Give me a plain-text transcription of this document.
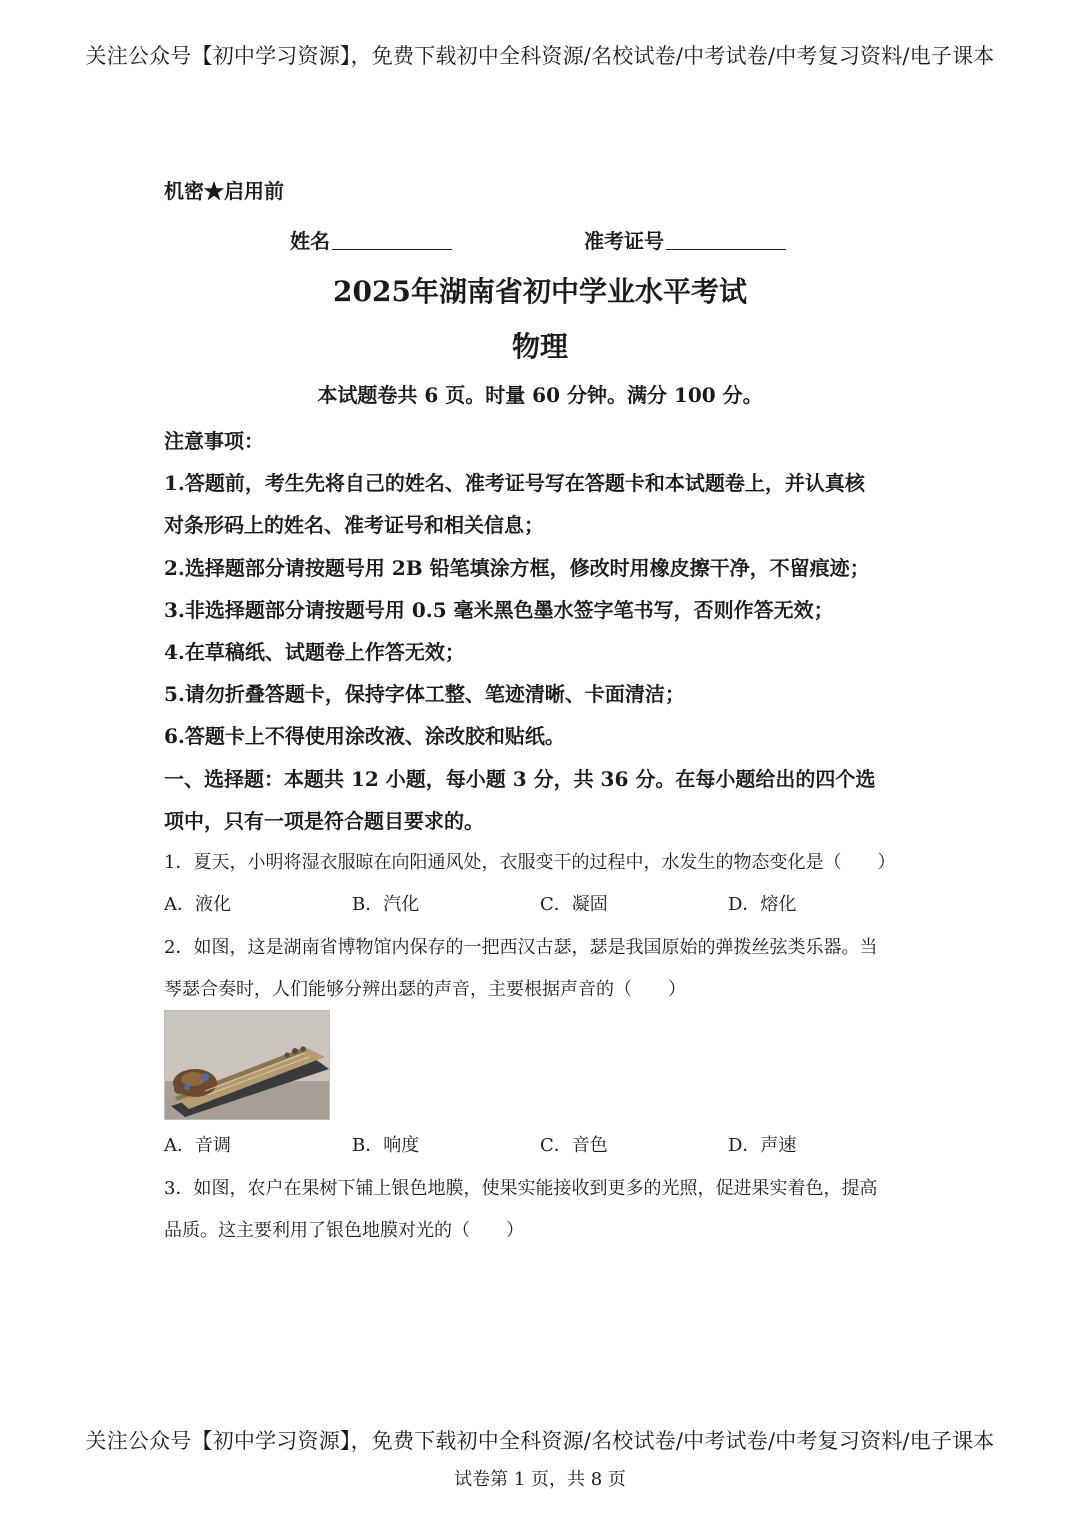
关注公众号【初中学习资源】，免费下载初中全科资源/名校试卷/中考试卷/中考复习资料/电子课本
机密★启用前
姓名	准考证号
2025年湖南省初中学业水平考试
物理
本试题卷共 6 页。时量 60 分钟。满分 100 分。
注意事项：
1.答题前，考生先将自己的姓名、准考证号写在答题卡和本试题卷上，并认真核
对条形码上的姓名、准考证号和相关信息；
2.选择题部分请按题号用 2B 铅笔填涂方框，修改时用橡皮擦干净，不留痕迹；
3.非选择题部分请按题号用 0.5 毫米黑色墨水签字笔书写，否则作答无效；
4.在草稿纸、试题卷上作答无效；
5.请勿折叠答题卡，保持字体工整、笔迹清晰、卡面清洁；
6.答题卡上不得使用涂改液、涂改胶和贴纸。
一、选择题：本题共 12 小题，每小题 3 分，共 36 分。在每小题给出的四个选
项中，只有一项是符合题目要求的。
1．夏天，小明将湿衣服晾在向阳通风处，衣服变干的过程中，水发生的物态变化是（　　）
A．液化	B．汽化	C．凝固	D．熔化
2．如图，这是湖南省博物馆内保存的一把西汉古瑟，瑟是我国原始的弹拨丝弦类乐器。当
琴瑟合奏时，人们能够分辨出瑟的声音，主要根据声音的（　　）
A．音调	B．响度	C．音色	D．声速
3．如图，农户在果树下铺上银色地膜，使果实能接收到更多的光照，促进果实着色，提高
品质。这主要利用了银色地膜对光的（　　）
关注公众号【初中学习资源】，免费下载初中全科资源/名校试卷/中考试卷/中考复习资料/电子课本
试卷第 1 页，共 8 页
